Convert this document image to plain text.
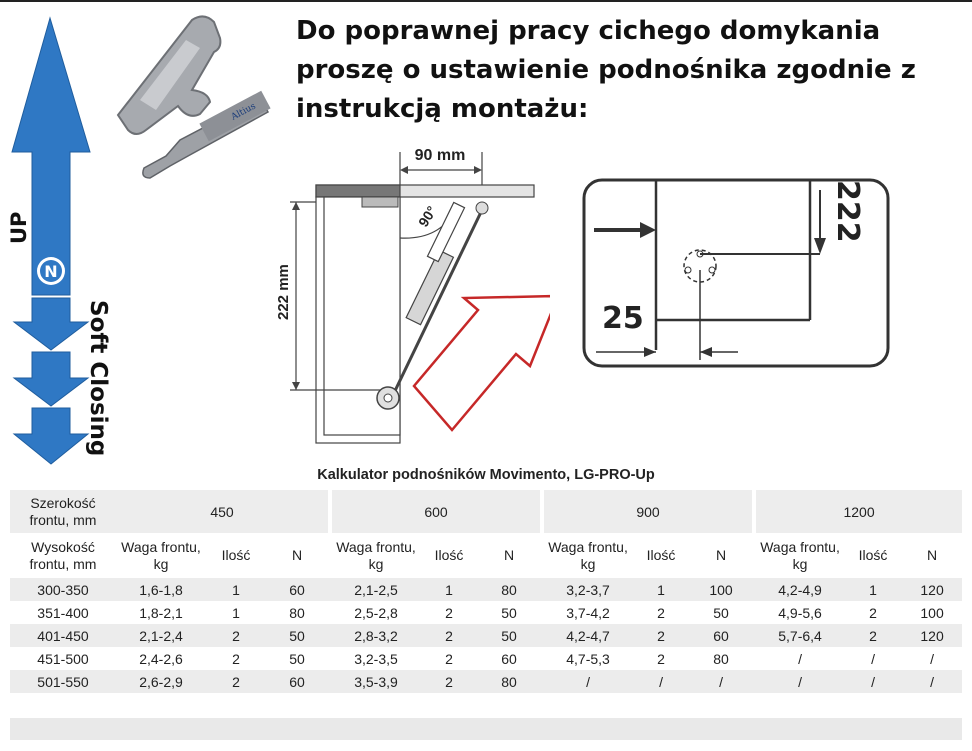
N
UP
Soft Closing
Altius
Do poprawnej pracy cichego domykania proszę o ustawienie podnośnika zgodnie z instrukcją montażu:
90 mm
90°
222 mm
222
25
Kalkulator podnośników Movimento, LG-PRO-Up
Szerokość frontu, mm	450				600				900				1200		
Wysokość frontu, mm	Waga frontu, kg	Ilość	N		Waga frontu, kg	Ilość	N		Waga frontu, kg	Ilość	N		Waga frontu, kg	Ilość	N
300-350	1,6-1,8	1	60		2,1-2,5	1	80		3,2-3,7	1	100		4,2-4,9	1	120
351-400	1,8-2,1	1	80		2,5-2,8	2	50		3,7-4,2	2	50		4,9-5,6	2	100
401-450	2,1-2,4	2	50		2,8-3,2	2	50		4,2-4,7	2	60		5,7-6,4	2	120
451-500	2,4-2,6	2	50		3,2-3,5	2	60		4,7-5,3	2	80		/	/	/
501-550	2,6-2,9	2	60		3,5-3,9	2	80		/	/	/		/	/	/
